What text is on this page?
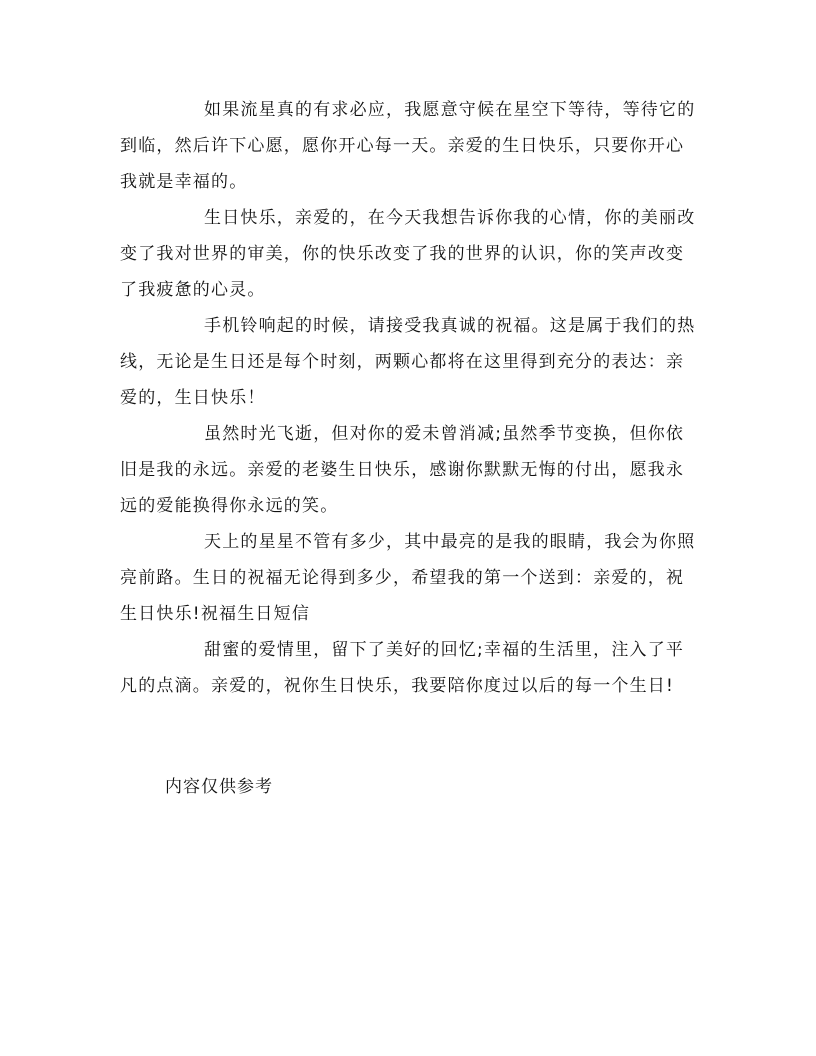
如果流星真的有求必应，我愿意守候在星空下等待，等待它的到临，然后许下心愿，愿你开心每一天。亲爱的生日快乐，只要你开心我就是幸福的。

生日快乐，亲爱的，在今天我想告诉你我的心情，你的美丽改变了我对世界的审美，你的快乐改变了我的世界的认识，你的笑声改变了我疲惫的心灵。

手机铃响起的时候，请接受我真诚的祝福。这是属于我们的热线，无论是生日还是每个时刻，两颗心都将在这里得到充分的表达：亲爱的，生日快乐！

虽然时光飞逝，但对你的爱未曾消减;虽然季节变换，但你依旧是我的永远。亲爱的老婆生日快乐，感谢你默默无悔的付出，愿我永远的爱能换得你永远的笑。

天上的星星不管有多少，其中最亮的是我的眼睛，我会为你照亮前路。生日的祝福无论得到多少，希望我的第一个送到：亲爱的，祝生日快乐!祝福生日短信

甜蜜的爱情里，留下了美好的回忆;幸福的生活里，注入了平凡的点滴。亲爱的，祝你生日快乐，我要陪你度过以后的每一个生日!

内容仅供参考
